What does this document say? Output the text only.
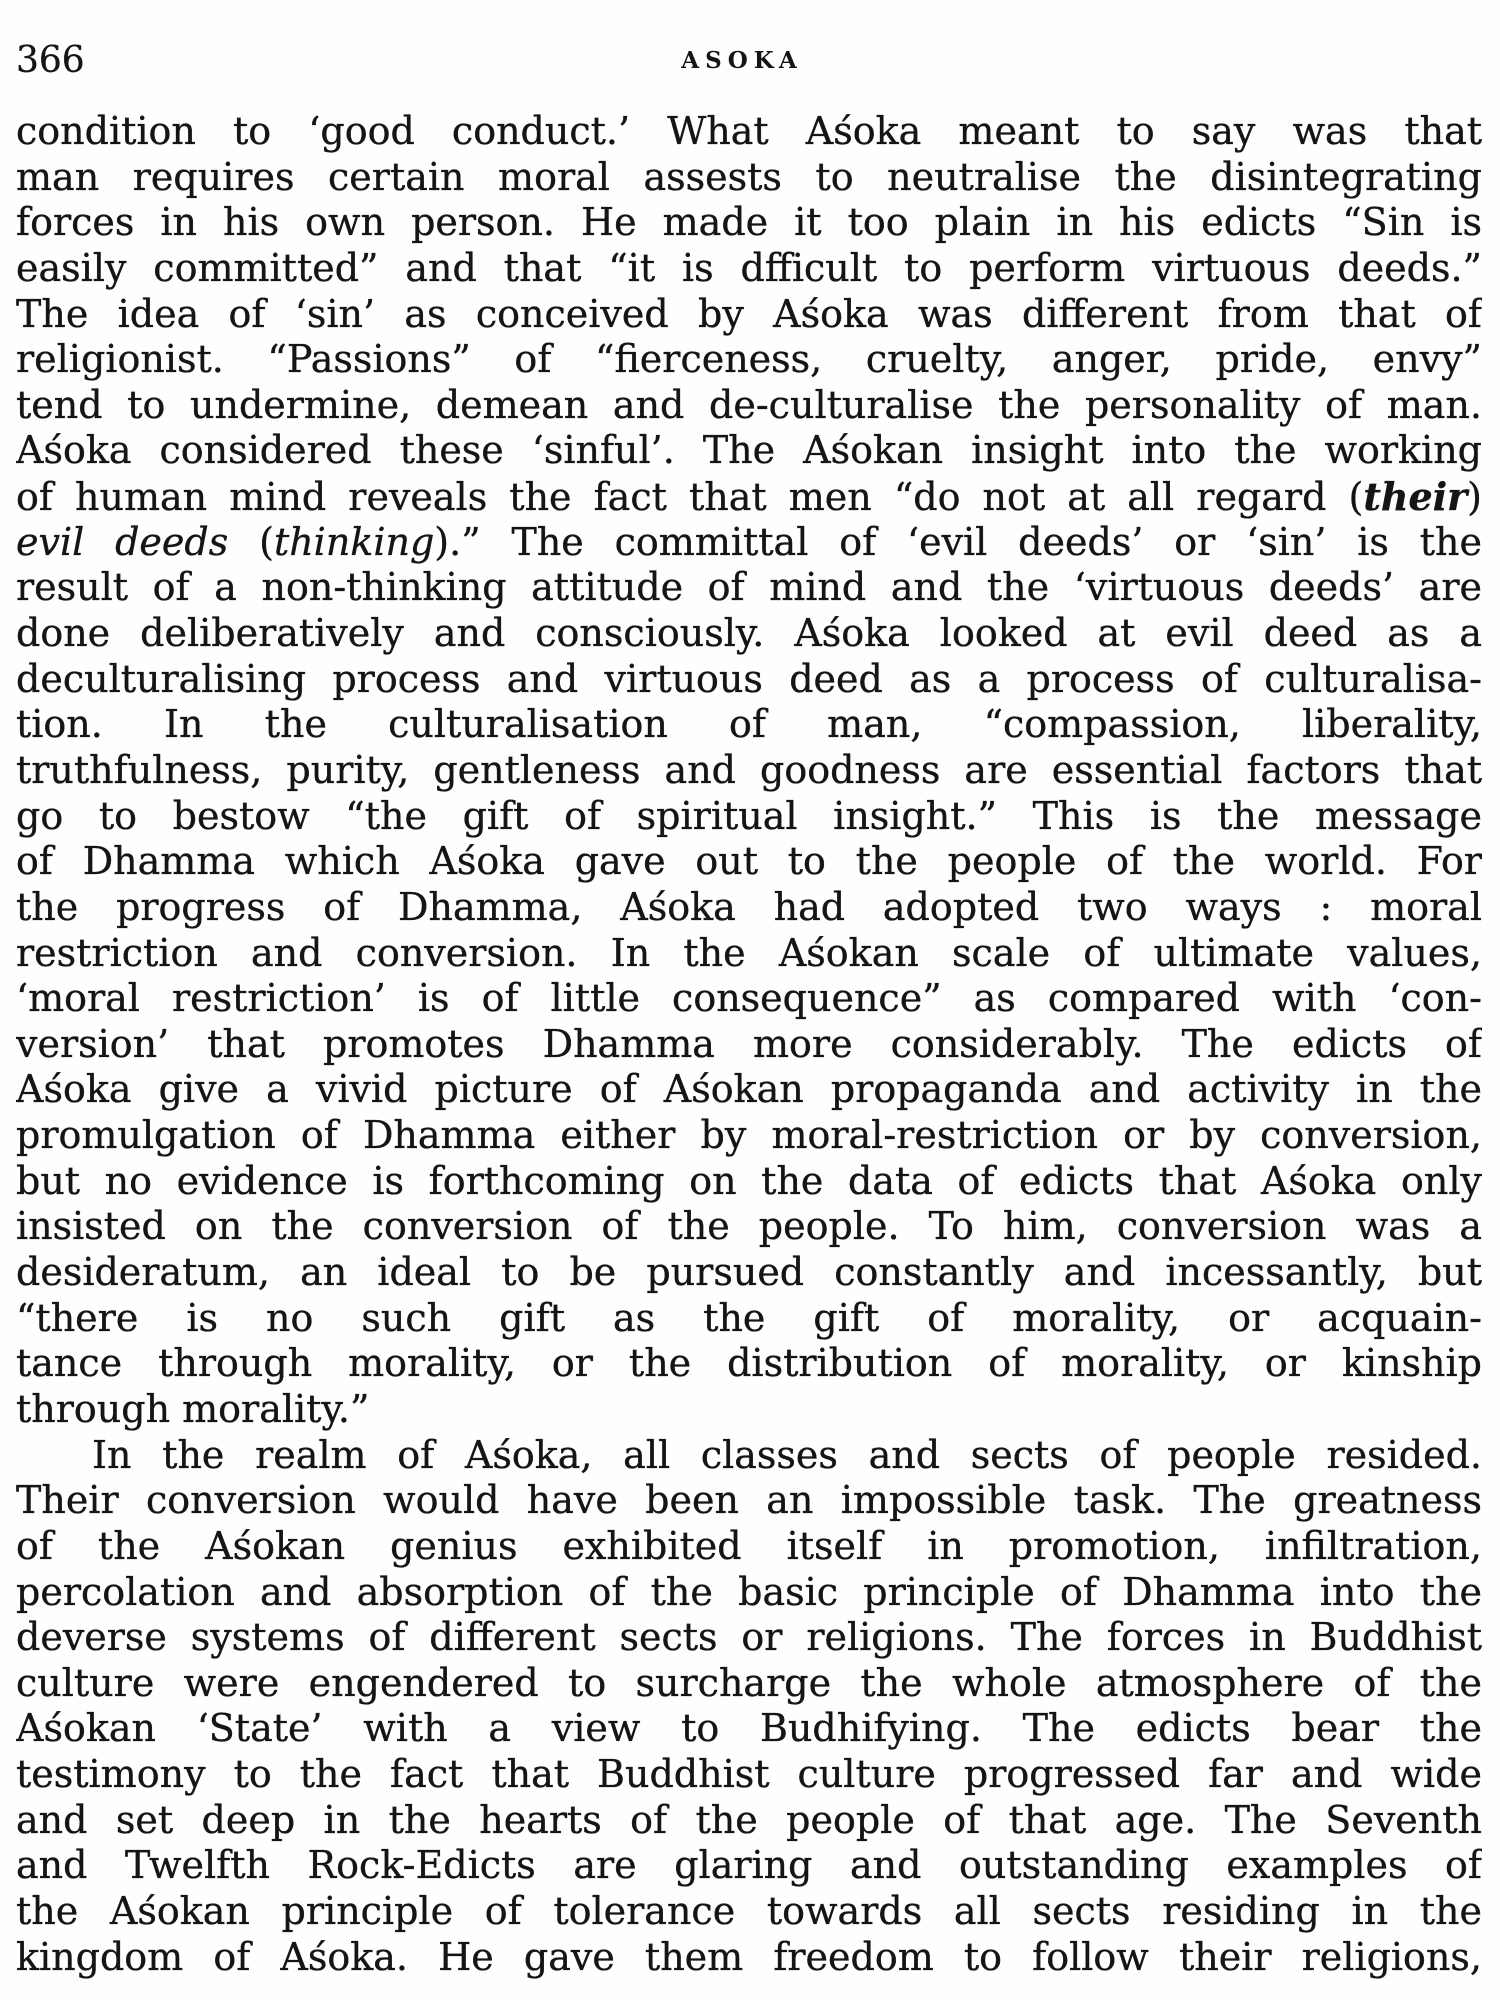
366	ASOKA
condition to ‘good conduct.’ What Aśoka meant to say was that
man requires certain moral assests to neutralise the disintegrating
forces in his own person. He made it too plain in his edicts “Sin is
easily committed” and that “it is dfficult to perform virtuous deeds.”
The idea of ‘sin’ as conceived by Aśoka was different from that of
religionist. “Passions” of “fierceness, cruelty, anger, pride, envy”
tend to undermine, demean and de-culturalise the personality of man.
Aśoka considered these ‘sinful’. The Aśokan insight into the working
of human mind reveals the fact that men “do not at all regard (their)
evil deeds (thinking).” The committal of ‘evil deeds’ or ‘sin’ is the
result of a non-thinking attitude of mind and the ‘virtuous deeds’ are
done deliberatively and consciously. Aśoka looked at evil deed as a
deculturalising process and virtuous deed as a process of culturalisa-
tion. In the culturalisation of man, “compassion, liberality,
truthfulness, purity, gentleness and goodness are essential factors that
go to bestow “the gift of spiritual insight.” This is the message
of Dhamma which Aśoka gave out to the people of the world. For
the progress of Dhamma, Aśoka had adopted two ways : moral
restriction and conversion. In the Aśokan scale of ultimate values,
‘moral restriction’ is of little consequence” as compared with ‘con-
version’ that promotes Dhamma more considerably. The edicts of
Aśoka give a vivid picture of Aśokan propaganda and activity in the
promulgation of Dhamma either by moral-restriction or by conversion,
but no evidence is forthcoming on the data of edicts that Aśoka only
insisted on the conversion of the people. To him, conversion was a
desideratum, an ideal to be pursued constantly and incessantly, but
“there is no such gift as the gift of morality, or acquain-
tance through morality, or the distribution of morality, or kinship
through morality.”
In the realm of Aśoka, all classes and sects of people resided.
Their conversion would have been an impossible task. The greatness
of the Aśokan genius exhibited itself in promotion, infiltration,
percolation and absorption of the basic principle of Dhamma into the
deverse systems of different sects or religions. The forces in Buddhist
culture were engendered to surcharge the whole atmosphere of the
Aśokan ‘State’ with a view to Budhifying. The edicts bear the
testimony to the fact that Buddhist culture progressed far and wide
and set deep in the hearts of the people of that age. The Seventh
and Twelfth Rock-Edicts are glaring and outstanding examples of
the Aśokan principle of tolerance towards all sects residing in the
kingdom of Aśoka. He gave them freedom to follow their religions,
